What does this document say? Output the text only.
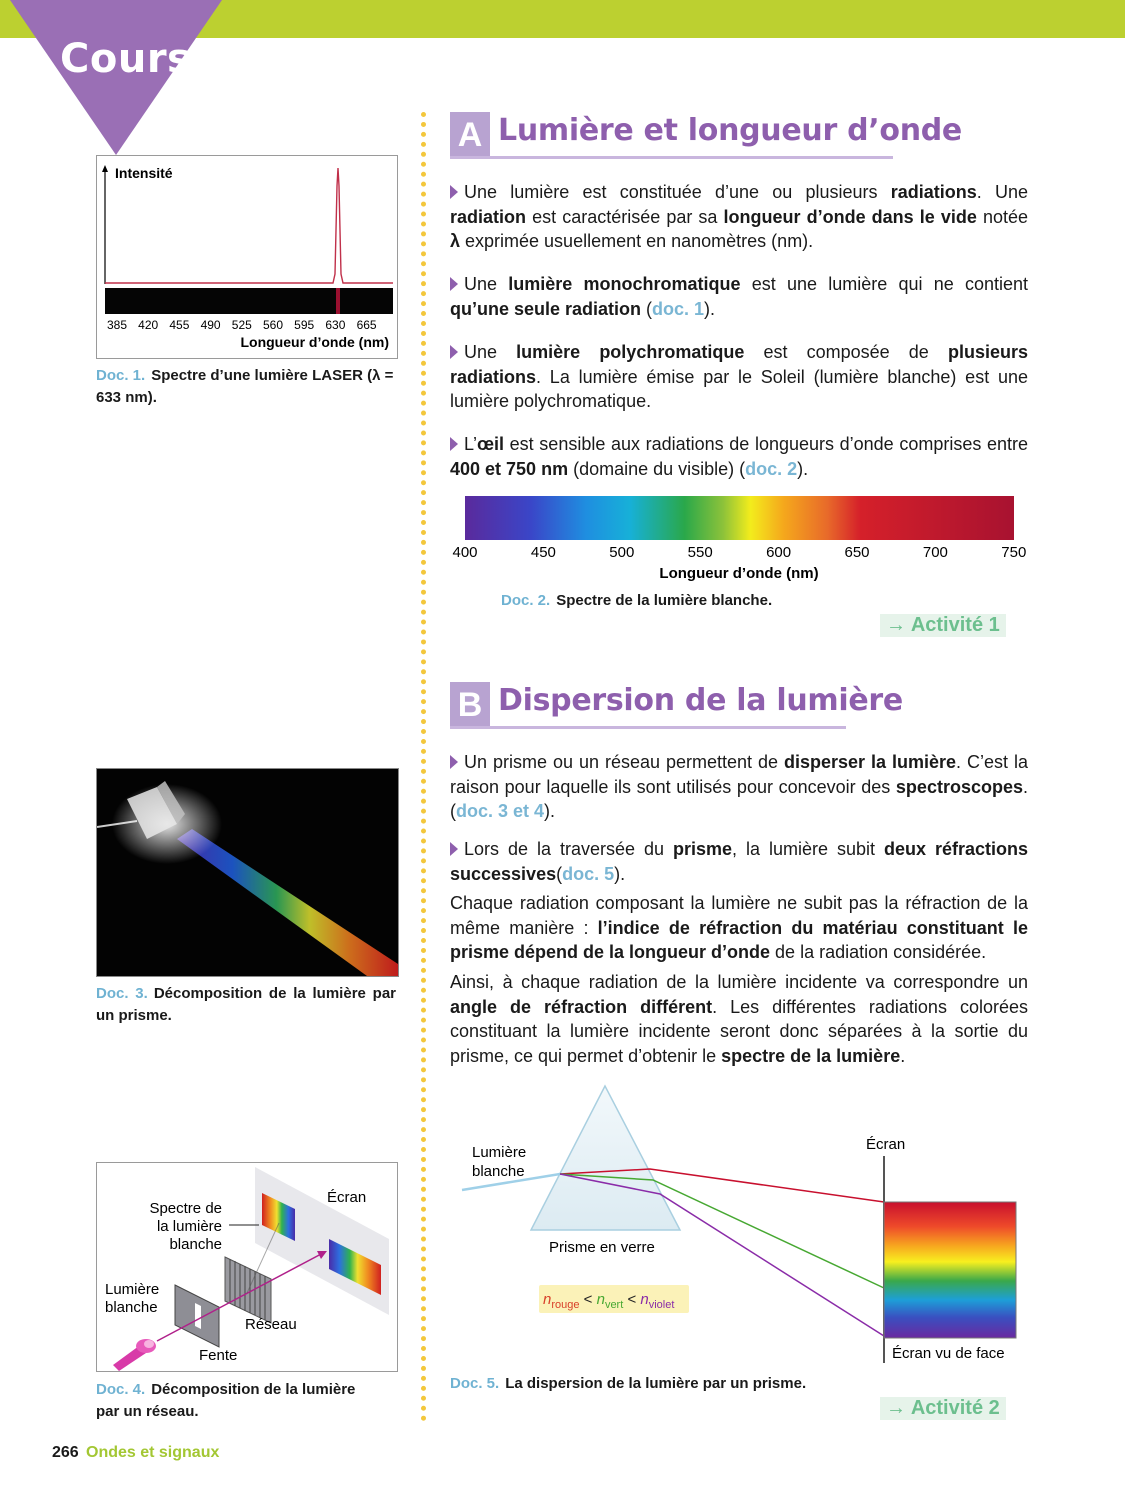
Cours
Intensité
385 420 455 490 525 560 595 630 665
Longueur d’onde (nm)
Doc. 1. Spectre d’une lumière LASER (λ = 633 nm).
Doc. 3. Décomposition de la lumière par un prisme.
Spectre de
la lumière
blanche
Écran
Lumière
blanche
Réseau
Fente
Doc. 4. Décomposition de la lumière par un réseau.
A Lumière et longueur d’onde
Une lumière est constituée d’une ou plusieurs radiations. Une radiation est caractérisée par sa longueur d’onde dans le vide notée λ exprimée usuellement en nanomètres (nm).
Une lumière monochromatique est une lumière qui ne contient qu’une seule radiation (doc. 1).
Une lumière polychromatique est composée de plusieurs radiations. La lumière émise par le Soleil (lumière blanche) est une lumière polychromatique.
L’œil est sensible aux radiations de longueurs d’onde comprises entre 400 et 750 nm (domaine du visible) (doc. 2).
400	450	500	550	600	650	700	750
Longueur d’onde (nm)
Doc. 2. Spectre de la lumière blanche.
→ Activité 1
B Dispersion de la lumière
Un prisme ou un réseau permettent de disperser la lumière. C’est la raison pour laquelle ils sont utilisés pour concevoir des spectroscopes. (doc. 3 et 4).
Lors de la traversée du prisme, la lumière subit deux réfractions successives(doc. 5).
Chaque radiation composant la lumière ne subit pas la réfraction de la même manière : l’indice de réfraction du matériau constituant le prisme dépend de la longueur d’onde de la radiation considérée.
Ainsi, à chaque radiation de la lumière incidente va correspondre un angle de réfraction différent. Les différentes radiations colorées constituant la lumière incidente seront donc séparées à la sortie du prisme, ce qui permet d’obtenir le spectre de la lumière.
$n_{rouge} < n_{vert} < n_{violet}$
Lumière
blanche
Prisme en verre
Écran
Écran vu de face
Doc. 5. La dispersion de la lumière par un prisme.
→ Activité 2
266 Ondes et signaux
